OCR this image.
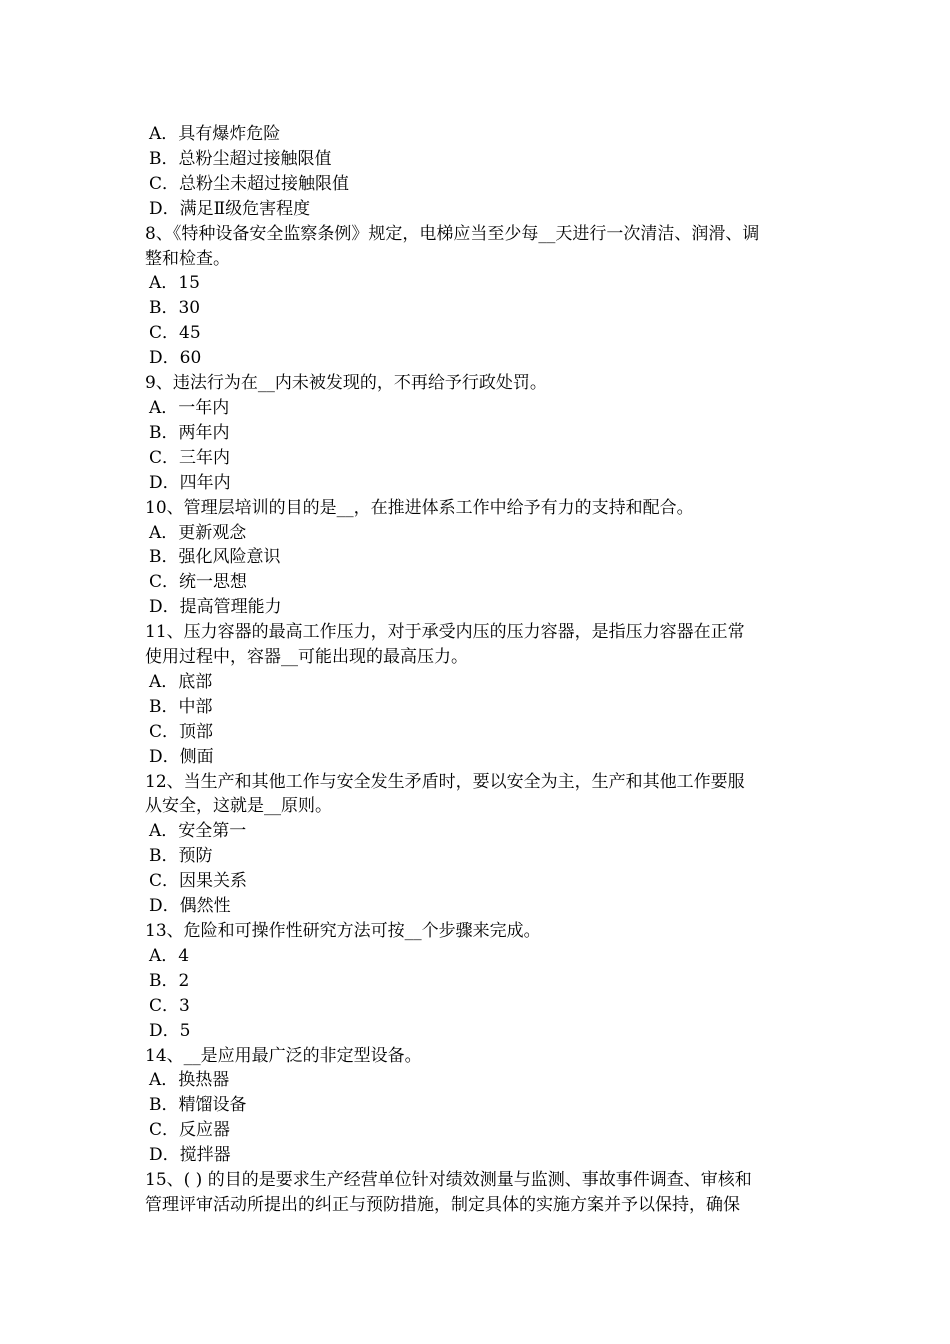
A．具有爆炸危险
B．总粉尘超过接触限值
C．总粉尘未超过接触限值
D．满足Ⅱ级危害程度
8、《特种设备安全监察条例》规定，电梯应当至少每__天进行一次清洁、润滑、调
整和检查。
A．15
B．30
C．45
D．60
9、违法行为在__内未被发现的，不再给予行政处罚。
A．一年内
B．两年内
C．三年内
D．四年内
10、管理层培训的目的是__，在推进体系工作中给予有力的支持和配合。
A．更新观念
B．强化风险意识
C．统一思想
D．提高管理能力
11、压力容器的最高工作压力，对于承受内压的压力容器，是指压力容器在正常
使用过程中，容器__可能出现的最高压力。
A．底部
B．中部
C．顶部
D．侧面
12、当生产和其他工作与安全发生矛盾时，要以安全为主，生产和其他工作要服
从安全，这就是__原则。
A．安全第一
B．预防
C．因果关系
D．偶然性
13、危险和可操作性研究方法可按__个步骤来完成。
A．4
B．2
C．3
D．5
14、__是应用最广泛的非定型设备。
A．换热器
B．精馏设备
C．反应器
D．搅拌器
15、( ) 的目的是要求生产经营单位针对绩效测量与监测、事故事件调查、审核和
管理评审活动所提出的纠正与预防措施，制定具体的实施方案并予以保持，确保
